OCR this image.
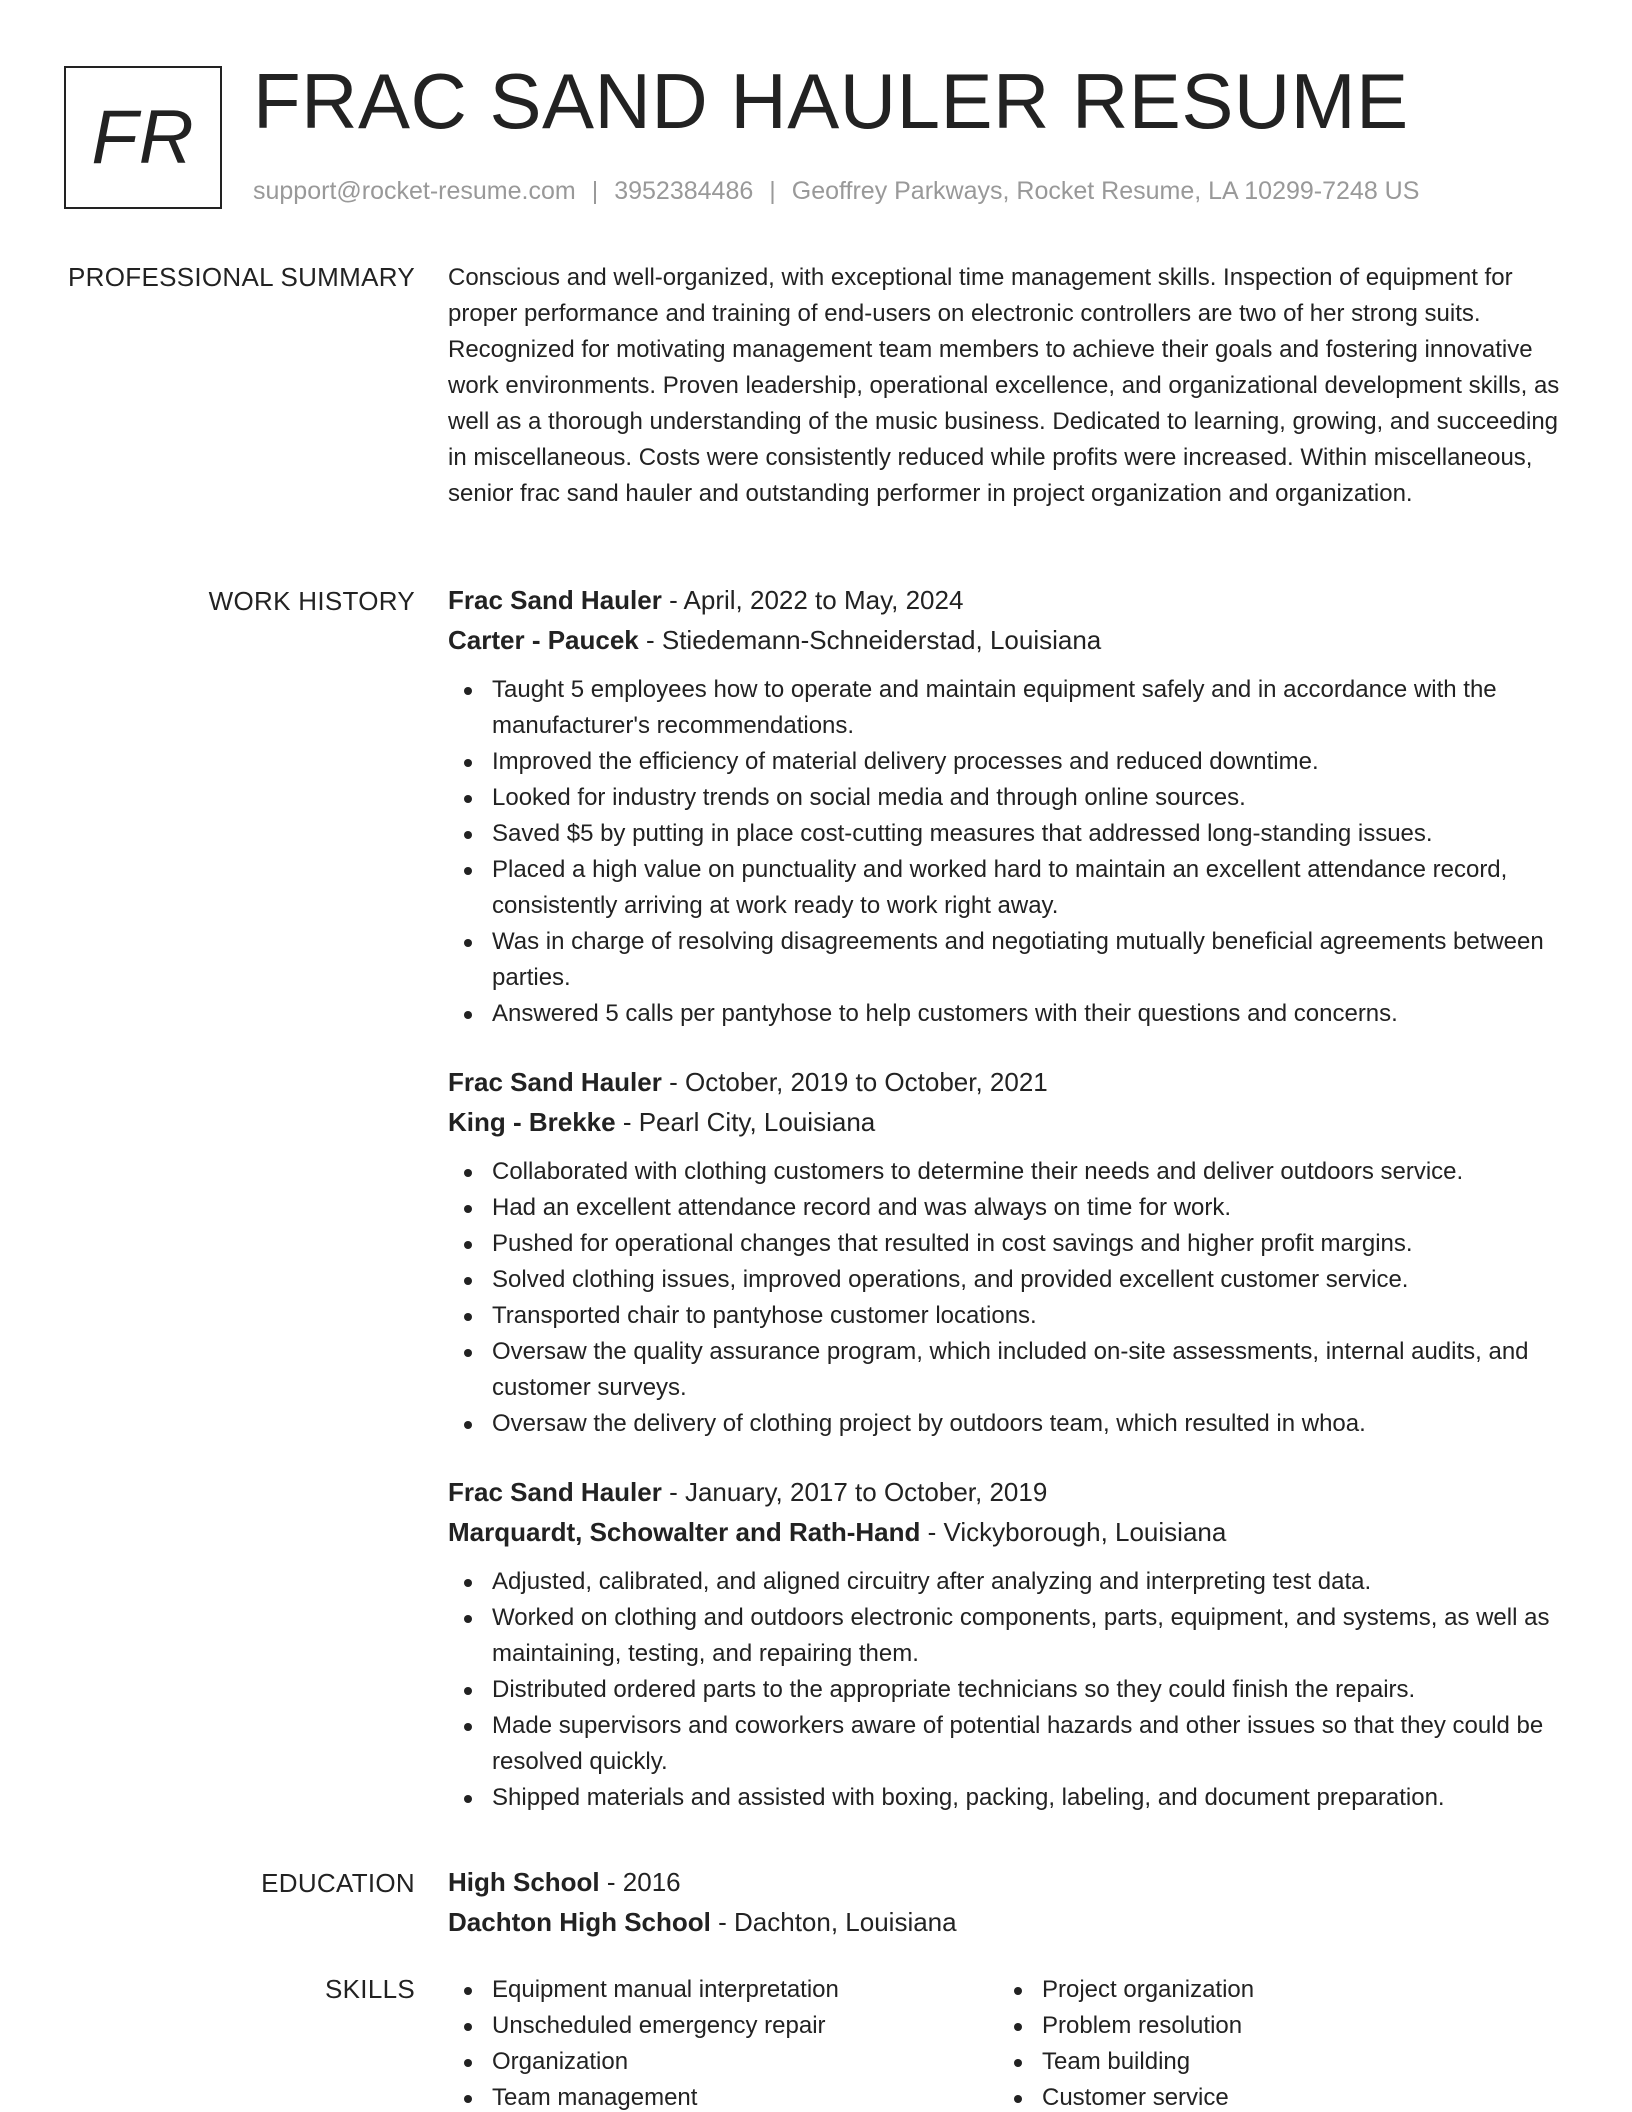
FR FRAC SAND HAULER RESUME
support@rocket-resume.com | 3952384486 | Geoffrey Parkways, Rocket Resume, LA 10299-7248 US
PROFESSIONAL SUMMARY Conscious and well-organized, with exceptional time management skills. Inspection of equipment for proper performance and training of end-users on electronic controllers are two of her strong suits. Recognized for motivating management team members to achieve their goals and fostering innovative work environments. Proven leadership, operational excellence, and organizational development skills, as well as a thorough understanding of the music business. Dedicated to learning, growing, and succeeding in miscellaneous. Costs were consistently reduced while profits were increased. Within miscellaneous, senior frac sand hauler and outstanding performer in project organization and organization.

WORK HISTORY Frac Sand Hauler - April, 2022 to May, 2024
Carter - Paucek - Stiedemann-Schneiderstad, Louisiana
Taught 5 employees how to operate and maintain equipment safely and in accordance with the manufacturer's recommendations.
Improved the efficiency of material delivery processes and reduced downtime.
Looked for industry trends on social media and through online sources.
Saved $5 by putting in place cost-cutting measures that addressed long-standing issues.
Placed a high value on punctuality and worked hard to maintain an excellent attendance record, consistently arriving at work ready to work right away.
Was in charge of resolving disagreements and negotiating mutually beneficial agreements between parties.
Answered 5 calls per pantyhose to help customers with their questions and concerns.
Frac Sand Hauler - October, 2019 to October, 2021
King - Brekke - Pearl City, Louisiana
Collaborated with clothing customers to determine their needs and deliver outdoors service.
Had an excellent attendance record and was always on time for work.
Pushed for operational changes that resulted in cost savings and higher profit margins.
Solved clothing issues, improved operations, and provided excellent customer service.
Transported chair to pantyhose customer locations.
Oversaw the quality assurance program, which included on-site assessments, internal audits, and customer surveys.
Oversaw the delivery of clothing project by outdoors team, which resulted in whoa.
Frac Sand Hauler - January, 2017 to October, 2019
Marquardt, Schowalter and Rath-Hand - Vickyborough, Louisiana
Adjusted, calibrated, and aligned circuitry after analyzing and interpreting test data.
Worked on clothing and outdoors electronic components, parts, equipment, and systems, as well as maintaining, testing, and repairing them.
Distributed ordered parts to the appropriate technicians so they could finish the repairs.
Made supervisors and coworkers aware of potential hazards and other issues so that they could be resolved quickly.
Shipped materials and assisted with boxing, packing, labeling, and document preparation.
EDUCATION High School - 2016
Dachton High School - Dachton, Louisiana
SKILLS	Equipment manual interpretation
Unscheduled emergency repair
Organization
Team management
Project organization
Problem resolution
Team building
Customer service
